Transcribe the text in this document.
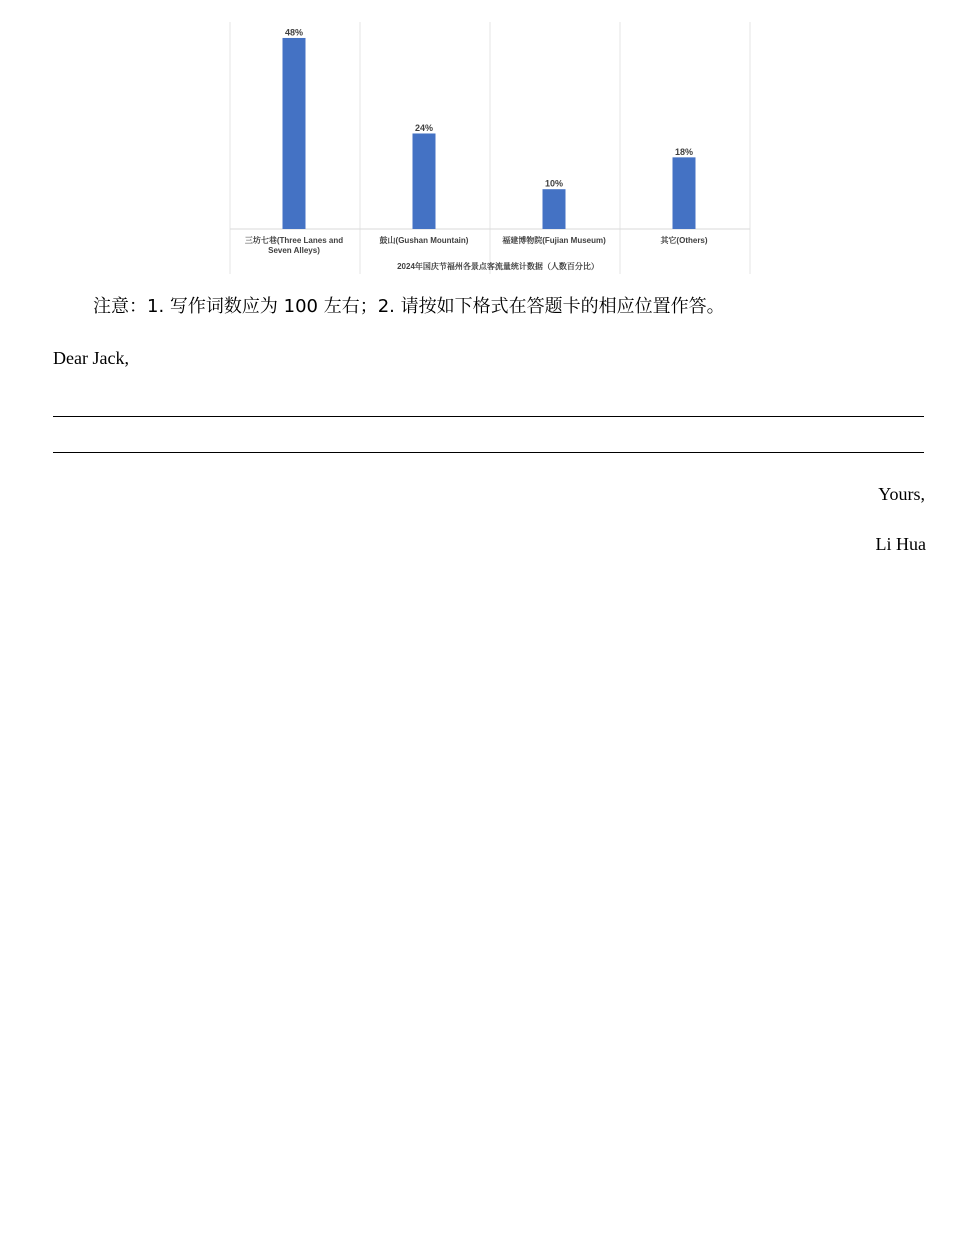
48%
三坊七巷(Three Lanes and Seven Alleys)
24%
鼓山(Gushan Mountain)
10%
福建博物院(Fujian Museum)
18%
其它(Others)
2024年国庆节福州各景点客流量统计数据（人数百分比）
注意：1. 写作词数应为 100 左右；2. 请按如下格式在答题卡的相应位置作答。
Dear Jack,
Yours,
Li Hua
